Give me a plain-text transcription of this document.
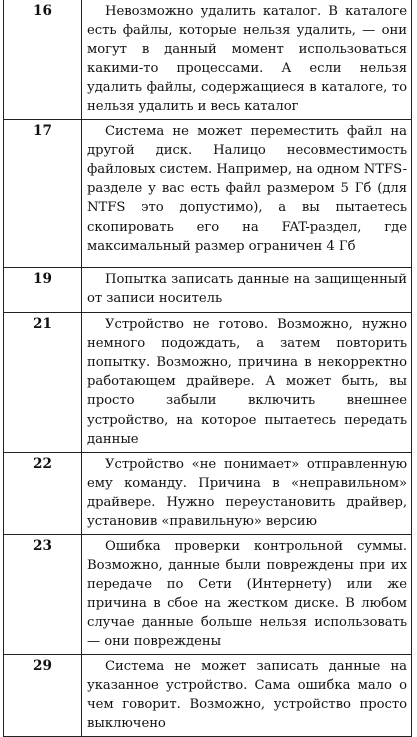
16	Невозможно удалить каталог. В каталоге есть файлы, которые нельзя удалить, — они могут в данный момент использоваться какими-то процессами. А если нельзя удалить файлы, содержащиеся в каталоге, то нельзя удалить и весь каталог

17	Система не может переместить файл на другой диск. Налицо несовместимость файловых систем. Например, на одном NTFS-разделе у вас есть файл размером 5 Гб (для NTFS это допустимо), а вы пытаетесь скопировать его на FAT-раздел, где максимальный размер ограничен 4 Гб

19	Попытка записать данные на защищенный от записи носитель

21	Устройство не готово. Возможно, нужно немного подождать, а затем повторить попытку. Возможно, причина в некорректно работающем драйвере. А может быть, вы просто забыли включить внешнее устройство, на которое пытаетесь передать данные

22	Устройство «не понимает» отправленную ему команду. Причина в «неправильном» драйвере. Нужно переустановить драйвер, установив «правильную» версию

23	Ошибка проверки контрольной суммы. Возможно, данные были повреждены при их передаче по Сети (Интернету) или же причина в сбое на жестком диске. В любом случае данные больше нельзя использовать — они повреждены

29	Система не может записать данные на указанное устройство. Сама ошибка мало о чем говорит. Возможно, устройство просто выключено
